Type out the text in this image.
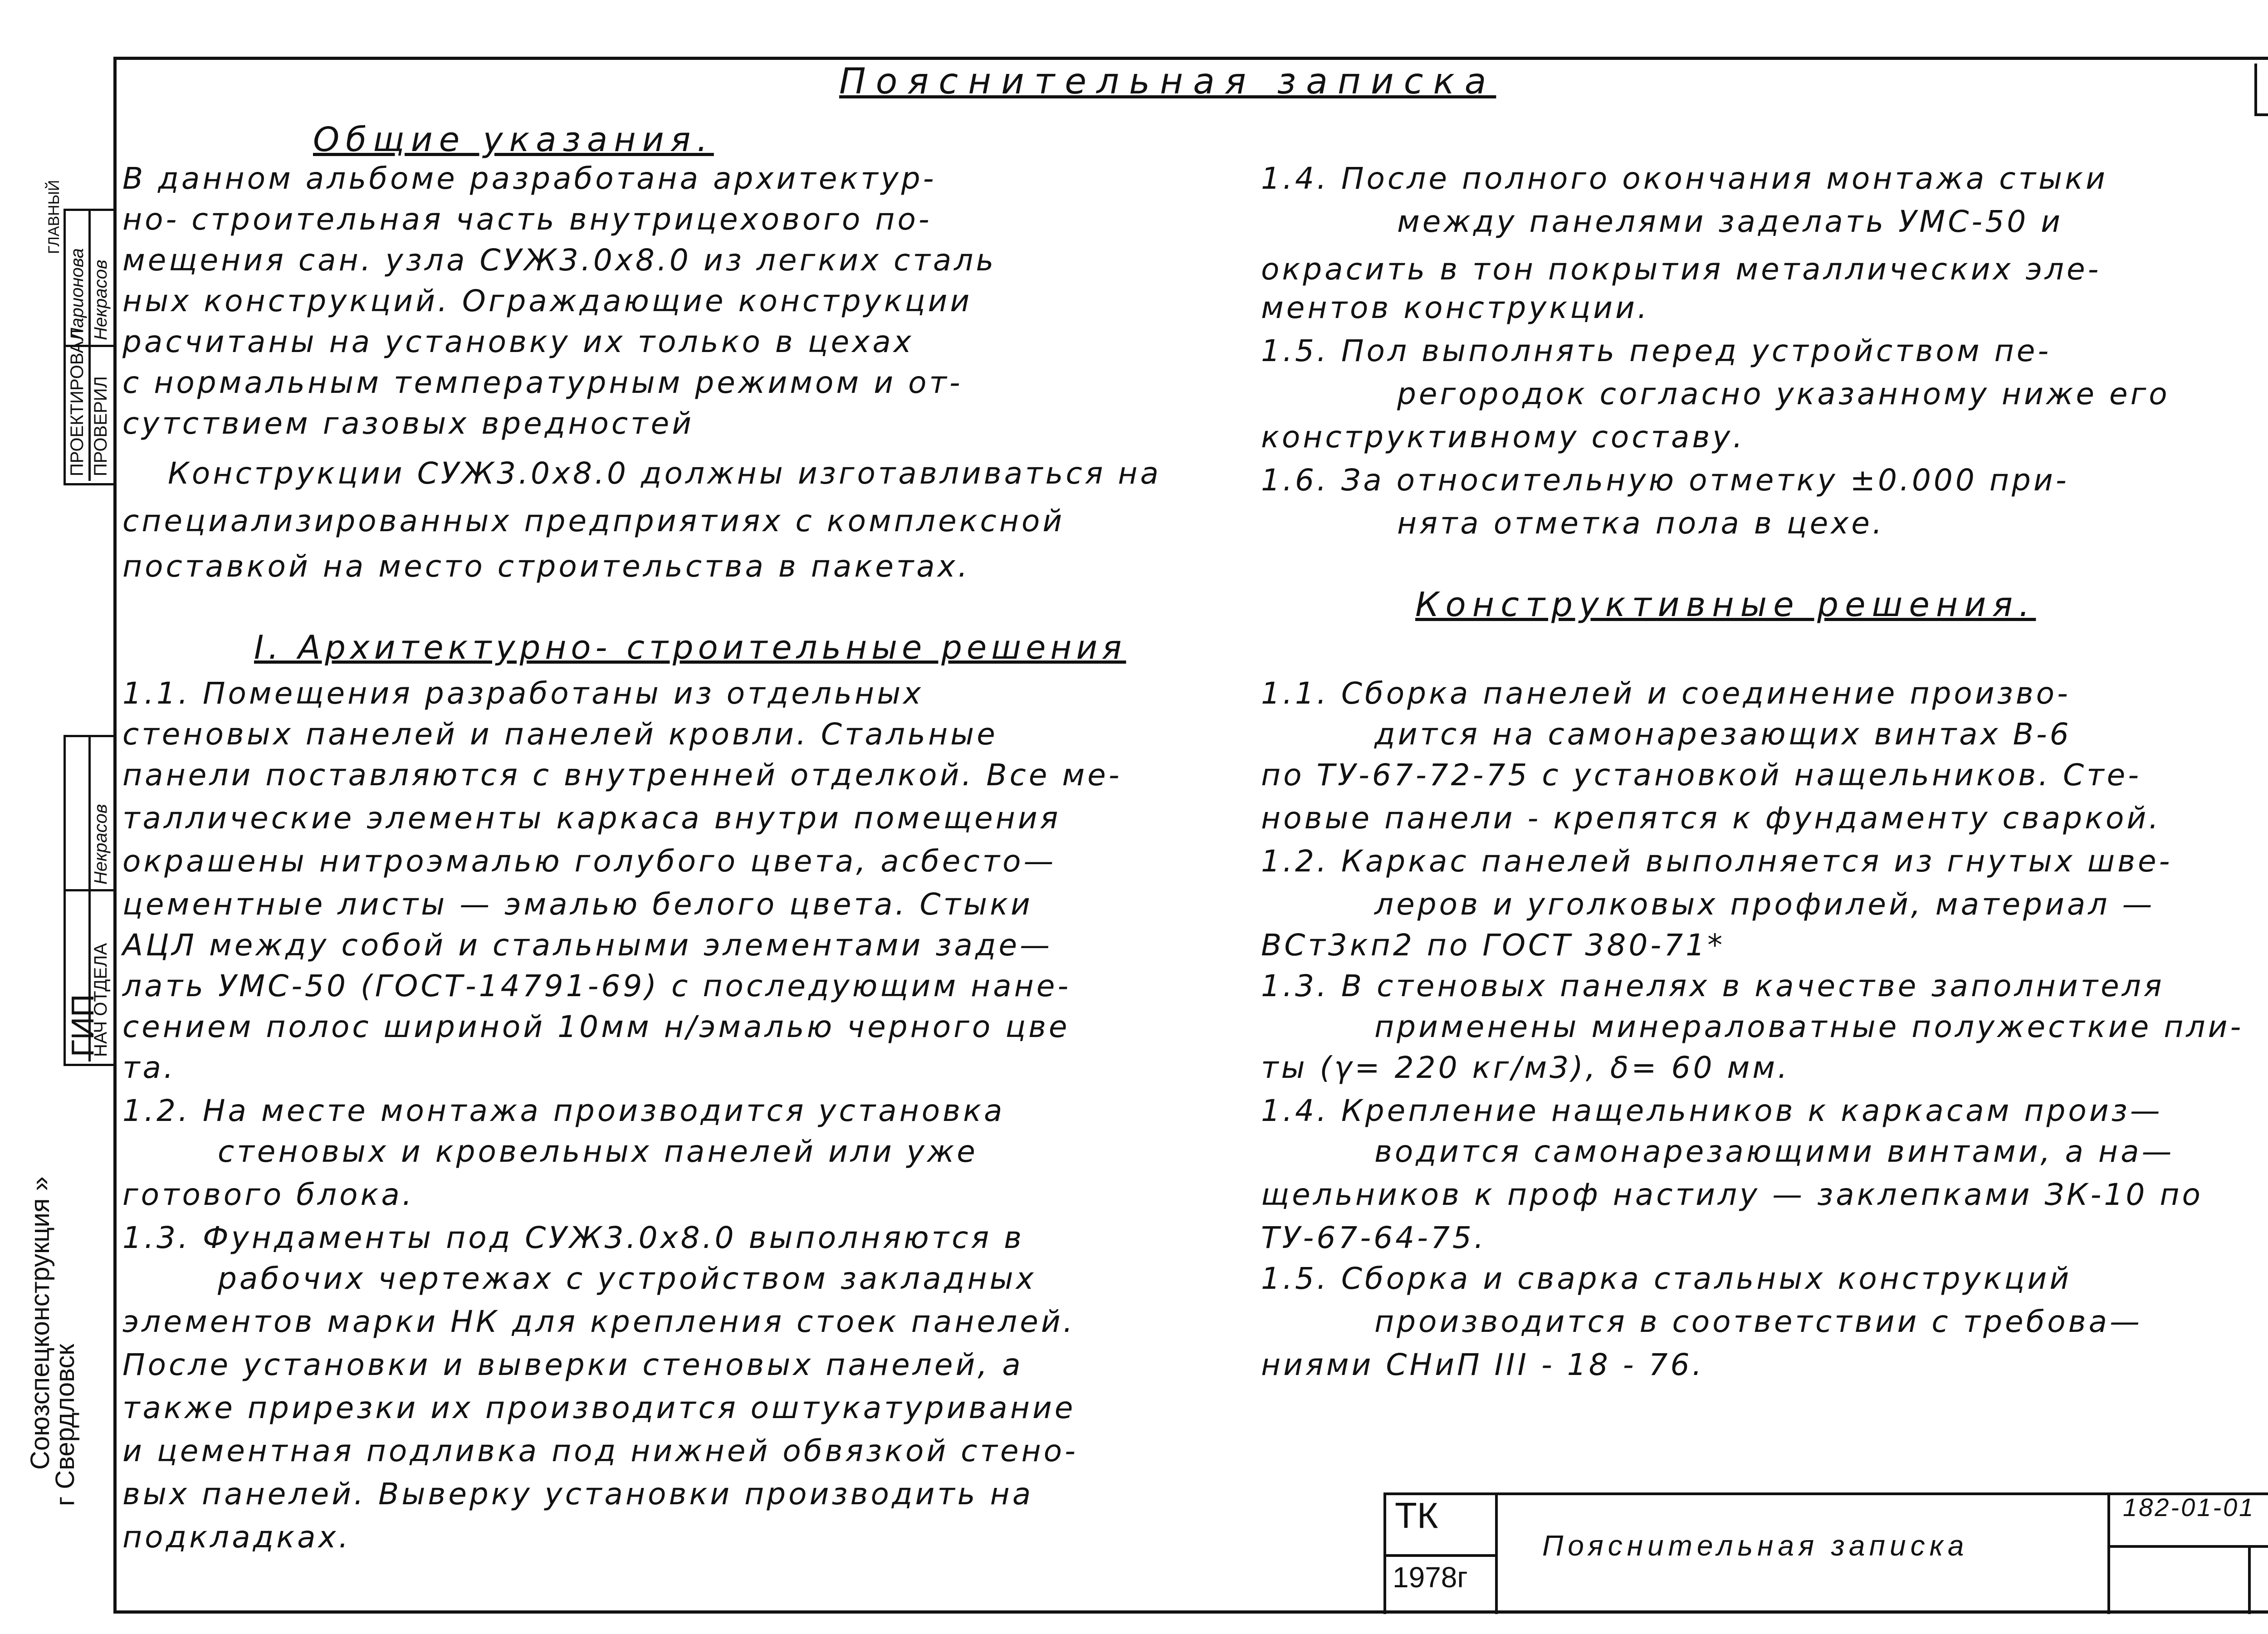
Пояснительная записка
Общие указания.
В данном альбоме разработана архитектур-
но- строительная часть внутрицехового по-
мещения сан. узла СУЖ3.0х8.0 из легких сталь
ных конструкций. Ограждающие конструкции
расчитаны на установку их только в цехах
с нормальным температурным режимом и от-
сутствием газовых вредностей
Конструкции СУЖ3.0х8.0 должны изготавливаться на
специализированных предприятиях с комплексной
поставкой на место строительства в пакетах.
I. Архитектурно- строительные решения
1.1. Помещения разработаны из отдельных
стеновых панелей и панелей кровли. Стальные
панели поставляются с внутренней отделкой. Все ме-
таллические элементы каркаса внутри помещения
окрашены нитроэмалью голубого цвета, асбесто—
цементные листы — эмалью белого цвета. Стыки
АЦЛ между собой и стальными элементами заде—
лать УМС-50 (ГОСТ-14791-69) с последующим нане-
сением полос шириной 10мм н/эмалью черного цве
та.
1.2. На месте монтажа производится установка
стеновых и кровельных панелей или уже
готового блока.
1.3. Фундаменты под СУЖ3.0х8.0 выполняются в
рабочих чертежах с устройством закладных
элементов марки НК для крепления стоек панелей.
После установки и выверки стеновых панелей, а
также прирезки их производится оштукатуривание
и цементная подливка под нижней обвязкой стено-
вых панелей. Выверку установки производить на
подкладках.
1.4. После полного окончания монтажа стыки
между панелями заделать УМС-50 и
окрасить в тон покрытия металлических эле-
ментов конструкции.
1.5. Пол выполнять перед устройством пе-
регородок согласно указанному ниже его
конструктивному составу.
1.6. За относительную отметку ±0.000 при-
нята отметка пола в цехе.
Конструктивные решения.
1.1. Сборка панелей и соединение произво-
дится на самонарезающих винтах В-6
по ТУ-67-72-75 с установкой нащельников. Сте-
новые панели - крепятся к фундаменту сваркой.
1.2. Каркас панелей выполняется из гнутых шве-
леров и уголковых профилей, материал —
ВСт3кп2 по ГОСТ 380-71*
1.3. В стеновых панелях в качестве заполнителя
применены минераловатные полужесткие пли-
ты (γ= 220 кг/м3), δ= 60 мм.
1.4. Крепление нащельников к каркасам произ—
водится самонарезающими винтами, а на—
щельников к проф настилу — заклепками ЗК-10 по
ТУ-67-64-75.
1.5. Сборка и сварка стальных конструкций
производится в соответствии с требова—
ниями СНиП III - 18 - 76.
ТК
1978г
Пояснительная записка
182-01-01
ПРОЕКТИРОВАЛ ПРОВЕРИЛ
Ларионова Некрасов
ГЛАВНЫЙ
ГИП
НАЧ ОТДЕЛА
Некрасов
Союзспецконструкция »
г Свердловск
